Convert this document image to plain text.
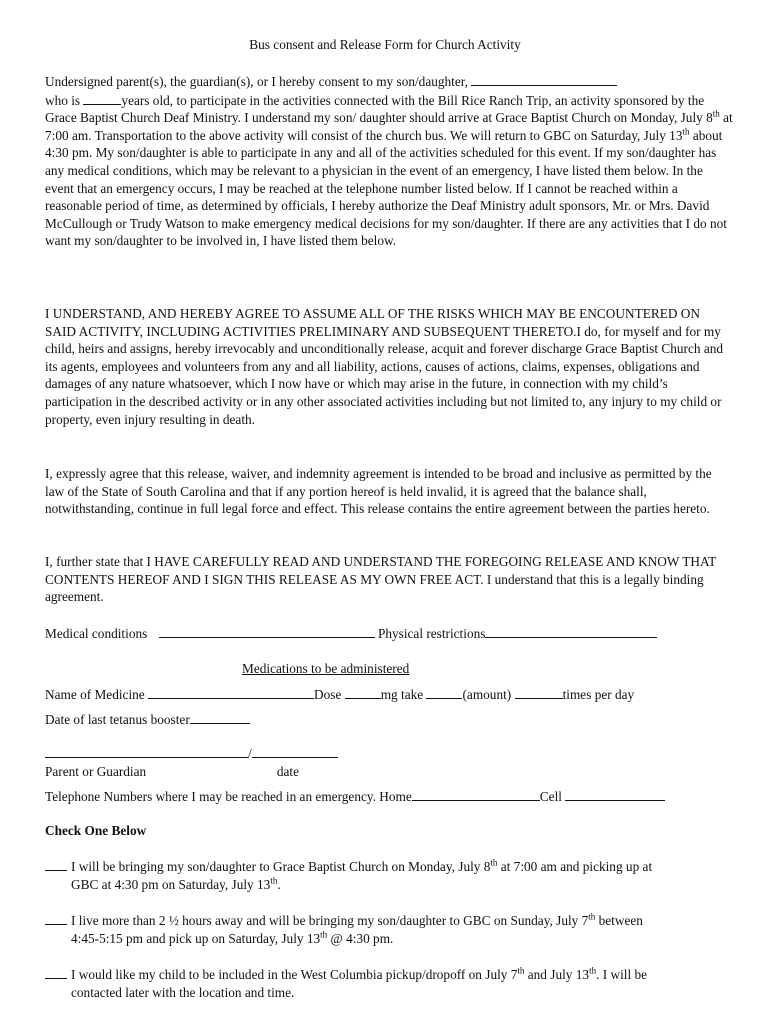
Bus consent and Release Form for Church Activity
Undersigned parent(s), the guardian(s), or I hereby consent to my son/daughter,
who is	years old, to participate in the activities connected with the Bill Rice Ranch Trip, an activity sponsored by the Grace Baptist Church Deaf Ministry. I understand my son/ daughter should arrive at Grace Baptist Church on Monday, July 8th at 7:00 am. Transportation to the above activity will consist of the church bus. We will return to GBC on Saturday, July 13th about 4:30 pm. My son/daughter is able to participate in any and all of the activities scheduled for this event. If my son/daughter has any medical conditions, which may be relevant to a physician in the event of an emergency, I have listed them below. In the event that an emergency occurs, I may be reached at the telephone number listed below. If I cannot be reached within a reasonable period of time, as determined by officials, I hereby authorize the Deaf Ministry adult sponsors, Mr. or Mrs. David McCullough or Trudy Watson to make emergency medical decisions for my son/daughter. If there are any activities that I do not want my son/daughter to be involved in, I have listed them below.
I UNDERSTAND, AND HEREBY AGREE TO ASSUME ALL OF THE RISKS WHICH MAY BE ENCOUNTERED ON SAID ACTIVITY, INCLUDING ACTIVITIES PRELIMINARY AND SUBSEQUENT THERETO.I do, for myself and for my child, heirs and assigns, hereby irrevocably and unconditionally release, acquit and forever discharge Grace Baptist Church and its agents, employees and volunteers from any and all liability, actions, causes of actions, claims, expenses, obligations and damages of any nature whatsoever, which I now have or which may arise in the future, in connection with my child’s participation in the described activity or in any other associated activities including but not limited to, any injury to my child or property, even injury resulting in death.
I, expressly agree that this release, waiver, and indemnity agreement is intended to be broad and inclusive as permitted by the law of the State of South Carolina and that if any portion hereof is held invalid, it is agreed that the balance shall, notwithstanding, continue in full legal force and effect. This release contains the entire agreement between the parties hereto.
I, further state that I HAVE CAREFULLY READ AND UNDERSTAND THE FOREGOING RELEASE AND KNOW THAT CONTENTS HEREOF AND I SIGN THIS RELEASE AS MY OWN FREE ACT. I understand that this is a legally binding agreement.
Medical conditions	Physical restrictions
Medications to be administered
Name of Medicine	Dose	mg take	(amount)	times per day
Date of last tetanus booster
/
Parent or Guardian	date
Telephone Numbers where I may be reached in an emergency. Home	Cell
Check One Below
I will be bringing my son/daughter to Grace Baptist Church on Monday, July 8th at 7:00 am and picking up at
GBC at 4:30 pm on Saturday, July 13th.
I live more than 2 ½ hours away and will be bringing my son/daughter to GBC on Sunday, July 7th between
4:45-5:15 pm and pick up on Saturday, July 13th @ 4:30 pm.
I would like my child to be included in the West Columbia pickup/dropoff on July 7th and July 13th. I will be
contacted later with the location and time.
